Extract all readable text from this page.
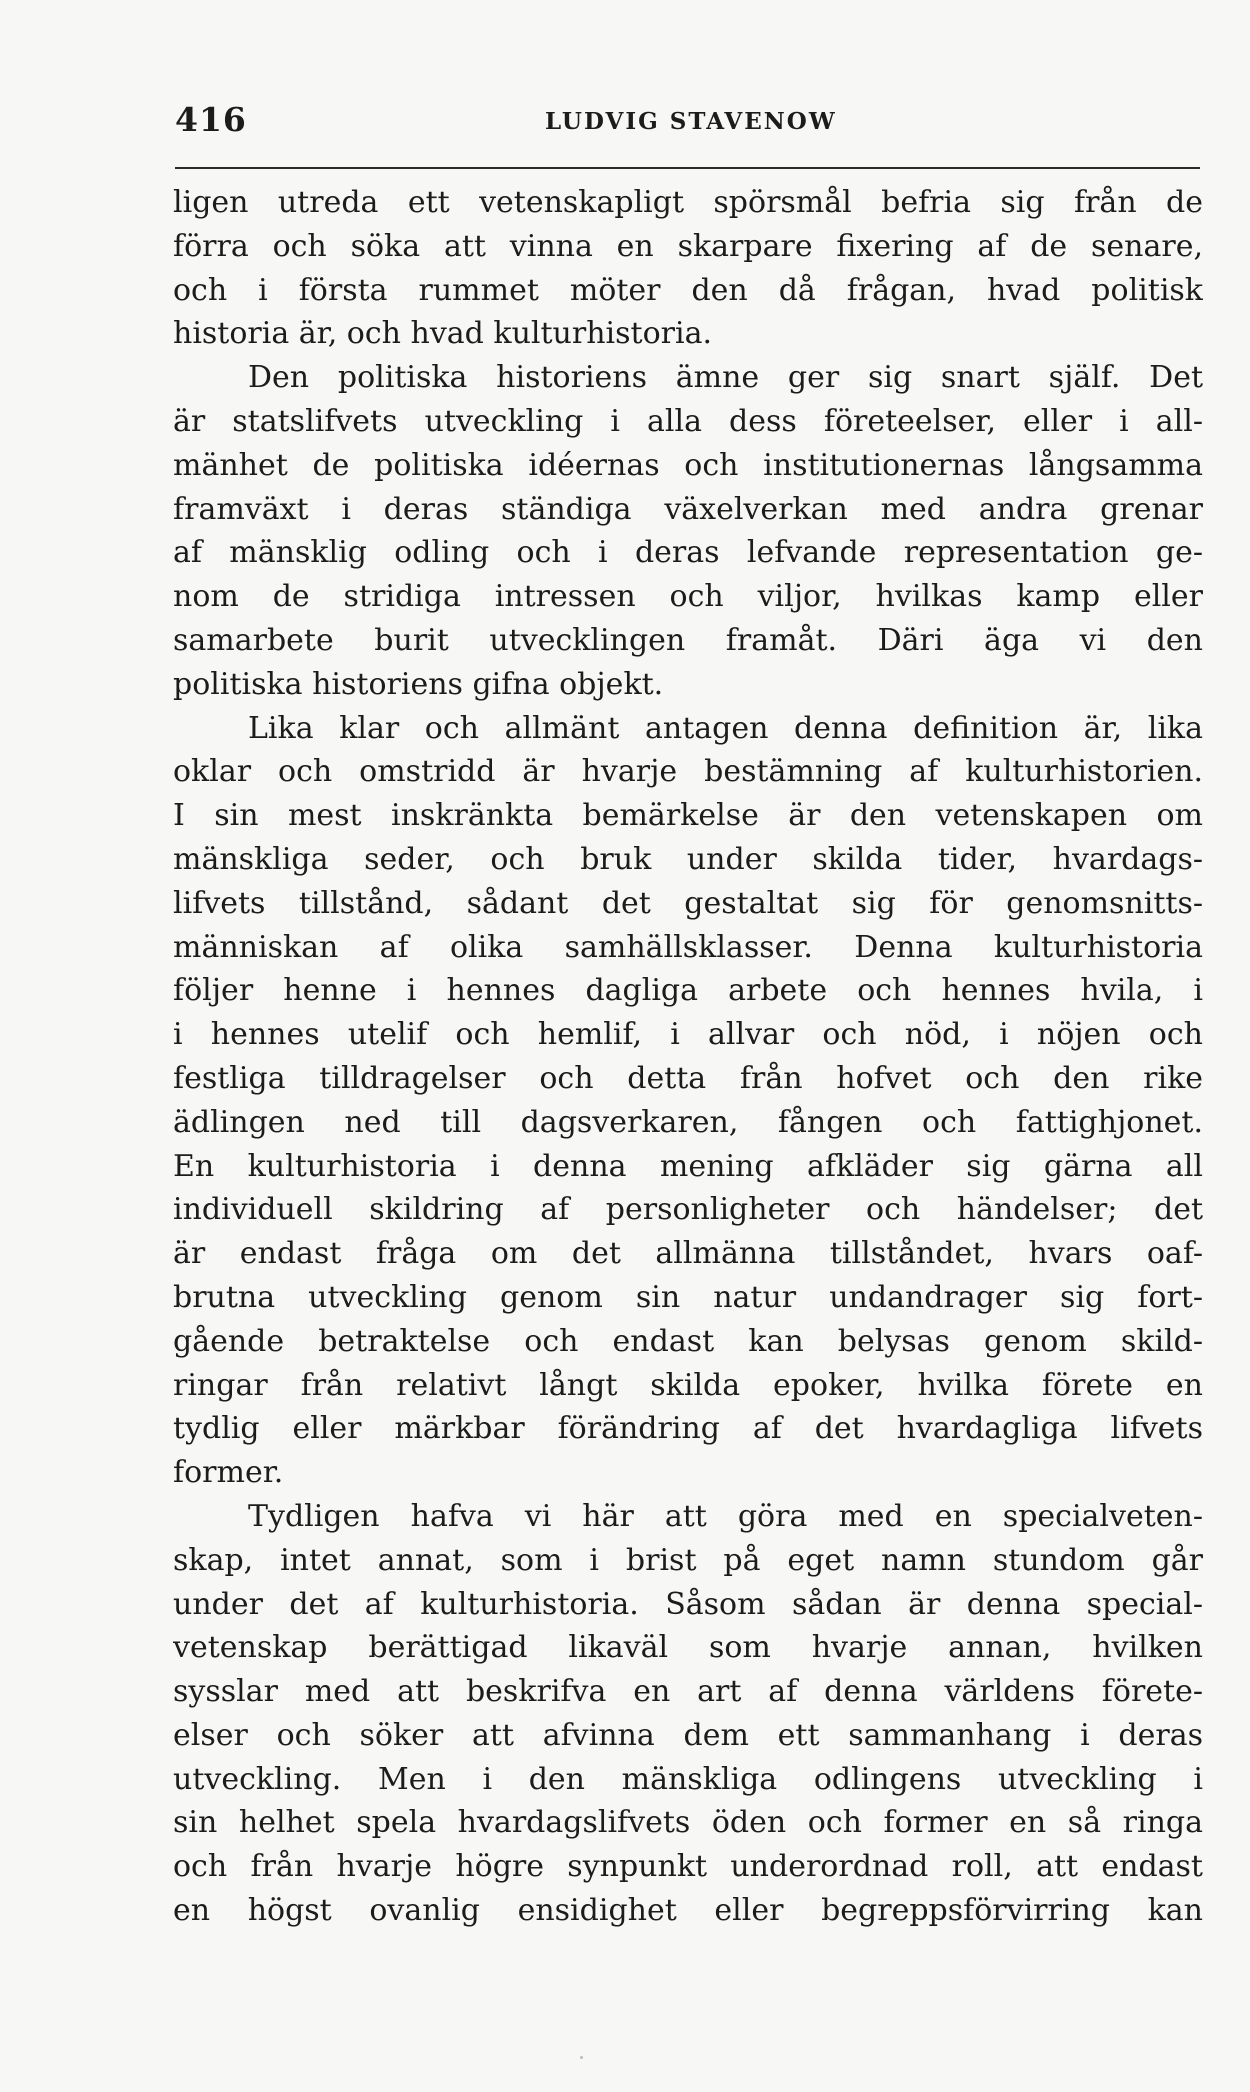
416	LUDVIG STAVENOW
ligen utreda ett vetenskapligt spörsmål befria sig från de
förra och söka att vinna en skarpare fixering af de senare,
och i första rummet möter den då frågan, hvad politisk
historia är, och hvad kulturhistoria.
Den politiska historiens ämne ger sig snart själf. Det
är statslifvets utveckling i alla dess företeelser, eller i all-
mänhet de politiska idéernas och institutionernas långsamma
framväxt i deras ständiga växelverkan med andra grenar
af mänsklig odling och i deras lefvande representation ge-
nom de stridiga intressen och viljor, hvilkas kamp eller
samarbete burit utvecklingen framåt. Däri äga vi den
politiska historiens gifna objekt.
Lika klar och allmänt antagen denna definition är, lika
oklar och omstridd är hvarje bestämning af kulturhistorien.
I sin mest inskränkta bemärkelse är den vetenskapen om
mänskliga seder, och bruk under skilda tider, hvardags-
lifvets tillstånd, sådant det gestaltat sig för genomsnitts-
människan af olika samhällsklasser. Denna kulturhistoria
följer henne i hennes dagliga arbete och hennes hvila, i
i hennes utelif och hemlif, i allvar och nöd, i nöjen och
festliga tilldragelser och detta från hofvet och den rike
ädlingen ned till dagsverkaren, fången och fattighjonet.
En kulturhistoria i denna mening afkläder sig gärna all
individuell skildring af personligheter och händelser; det
är endast fråga om det allmänna tillståndet, hvars oaf-
brutna utveckling genom sin natur undandrager sig fort-
gående betraktelse och endast kan belysas genom skild-
ringar från relativt långt skilda epoker, hvilka förete en
tydlig eller märkbar förändring af det hvardagliga lifvets
former.
Tydligen hafva vi här att göra med en specialveten-
skap, intet annat, som i brist på eget namn stundom går
under det af kulturhistoria. Såsom sådan är denna special-
vetenskap berättigad likaväl som hvarje annan, hvilken
sysslar med att beskrifva en art af denna världens förete-
elser och söker att afvinna dem ett sammanhang i deras
utveckling. Men i den mänskliga odlingens utveckling i
sin helhet spela hvardagslifvets öden och former en så ringa
och från hvarje högre synpunkt underordnad roll, att endast
en högst ovanlig ensidighet eller begreppsförvirring kan
